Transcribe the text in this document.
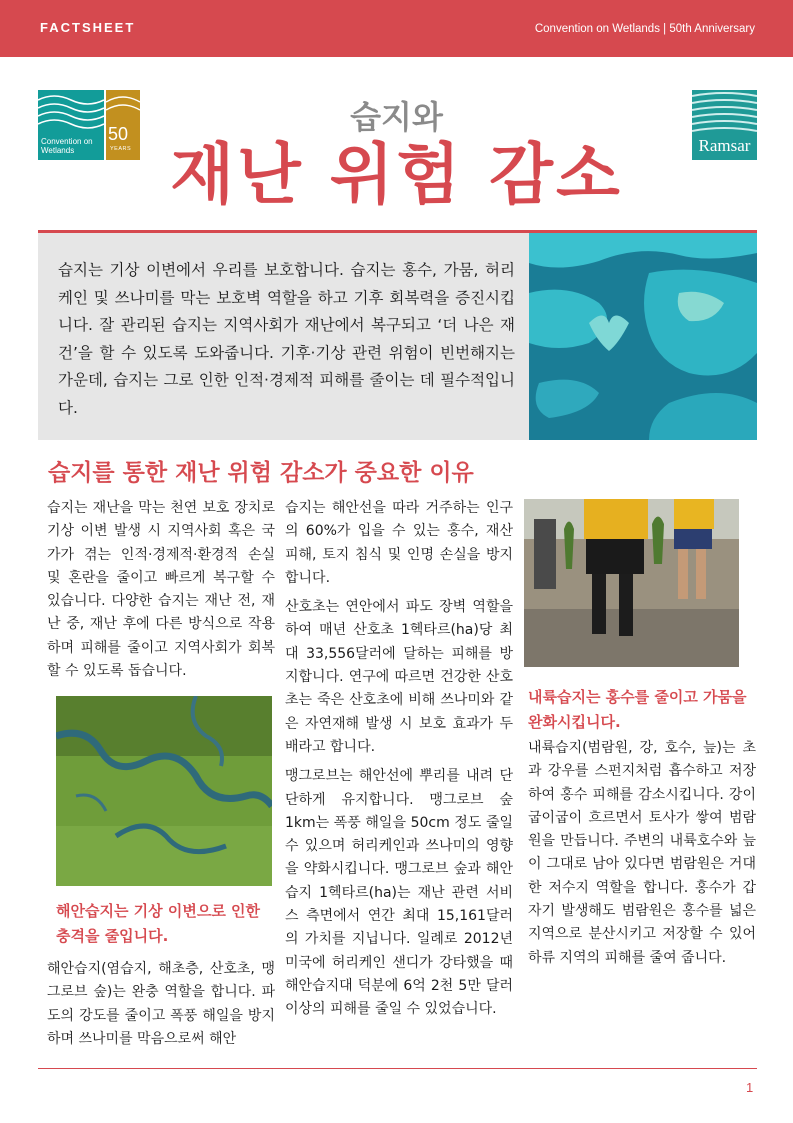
FACTSHEET	Convention on Wetlands | 50th Anniversary
Convention on Wetlands
50
YEARS	Ramsar
습지와
재난 위험 감소

습지는 기상 이변에서 우리를 보호합니다. 습지는 홍수, 가뭄, 허리케인 및 쓰나미를 막는 보호벽 역할을 하고 기후 회복력을 증진시킵니다. 잘 관리된 습지는 지역사회가 재난에서 복구되고 ‘더 나은 재건’을 할 수 있도록 도와줍니다. 기후·기상 관련 위험이 빈번해지는 가운데, 습지는 그로 인한 인적·경제적 피해를 줄이는 데 필수적입니다.

습지를 통한 재난 위험 감소가 중요한 이유

습지는 재난을 막는 천연 보호 장치로 기상 이변 발생 시 지역사회 혹은 국가가 겪는 인적·경제적·환경적 손실 및 혼란을 줄이고 빠르게 복구할 수 있습니다. 다양한 습지는 재난 전, 재난 중, 재난 후에 다른 방식으로 작용하며 피해를 줄이고 지역사회가 회복할 수 있도록 돕습니다.

해안습지는 기상 이변으로 인한 충격을 줄입니다.

해안습지(염습지, 해초층, 산호초, 맹그로브 숲)는 완충 역할을 합니다. 파도의 강도를 줄이고 폭풍 해일을 방지하며 쓰나미를 막음으로써 해안

습지는 해안선을 따라 거주하는 인구의 60%가 입을 수 있는 홍수, 재산 피해, 토지 침식 및 인명 손실을 방지합니다.

산호초는 연안에서 파도 장벽 역할을 하여 매년 산호초 1헥타르(ha)당 최대 33,556달러에 달하는 피해를 방지합니다. 연구에 따르면 건강한 산호초는 죽은 산호초에 비해 쓰나미와 같은 자연재해 발생 시 보호 효과가 두 배라고 합니다.

맹그로브는 해안선에 뿌리를 내려 단단하게 유지합니다. 맹그로브 숲 1km는 폭풍 해일을 50cm 정도 줄일 수 있으며 허리케인과 쓰나미의 영향을 약화시킵니다. 맹그로브 숲과 해안 습지 1헥타르(ha)는 재난 관련 서비스 측면에서 연간 최대 15,161달러의 가치를 지닙니다. 일례로 2012년 미국에 허리케인 샌디가 강타했을 때 해안습지대 덕분에 6억 2천 5만 달러 이상의 피해를 줄일 수 있었습니다.

내륙습지는 홍수를 줄이고 가뭄을 완화시킵니다.

내륙습지(범람원, 강, 호수, 늪)는 초과 강우를 스펀지처럼 흡수하고 저장하여 홍수 피해를 감소시킵니다. 강이 굽이굽이 흐르면서 토사가 쌓여 범람원을 만듭니다. 주변의 내륙호수와 늪이 그대로 남아 있다면 범람원은 거대한 저수지 역할을 합니다. 홍수가 갑자기 발생해도 범람원은 홍수를 넓은 지역으로 분산시키고 저장할 수 있어 하류 지역의 피해를 줄여 줍니다.

1
